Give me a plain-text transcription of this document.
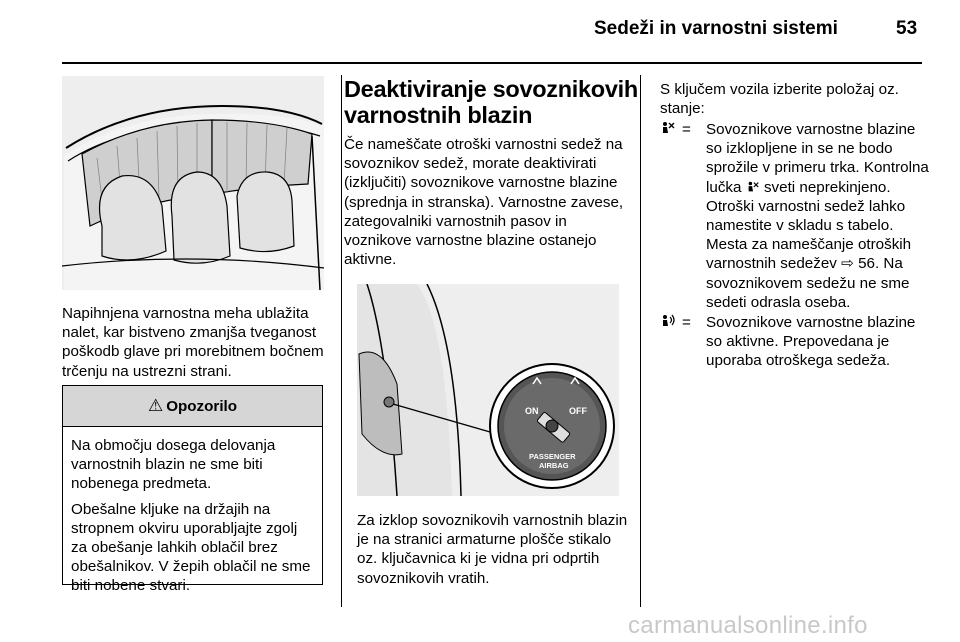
Sedeži in varnostni sistemi	53
Napihnjena varnostna meha ublažita nalet, kar bistveno zmanjša tveganost poškodb glave pri morebitnem bočnem trčenju na ustrezni strani.
⚠ Opozorilo

Na območju dosega delovanja varnostnih blazin ne sme biti nobenega predmeta.

Obešalne kljuke na držajih na stropnem okviru uporabljajte zgolj za obešanje lahkih oblačil brez obešalnikov. V žepih oblačil ne sme biti nobene stvari.

Deaktiviranje sovoznikovih varnostnih blazin
Če nameščate otroški varnostni sedež na sovoznikov sedež, morate deaktivirati (izklјučiti) sovoznikove varnostne blazine (sprednja in stranska). Varnostne zavese, zategovalniki varnostnih pasov in voznikove varnostne blazine ostanejo aktivne.
ON	OFF
PASSENGER
AIRBAG
Za izklop sovoznikovih varnostnih blazin je na stranici armaturne plošče stikalo oz. ključavnica ki je vidna pri odprtih sovoznikovih vratih.
S ključem vozila izberite položaj oz. stanje:
= Sovoznikove varnostne blazine so izklopljene in se ne bodo sprožile v primeru trka. Kontrolna lučka sveti neprekinjeno. Otroški varnostni sedež lahko namestite v skladu s tabelo. Mesta za nameščanje otroških varnostnih sedežev ⇨ 56. Na sovoznikovem sedežu ne sme sedeti odrasla oseba.
= Sovoznikove varnostne blazine so aktivne. Prepovedana je uporaba otroškega sedeža.
carmanualsonline.info
